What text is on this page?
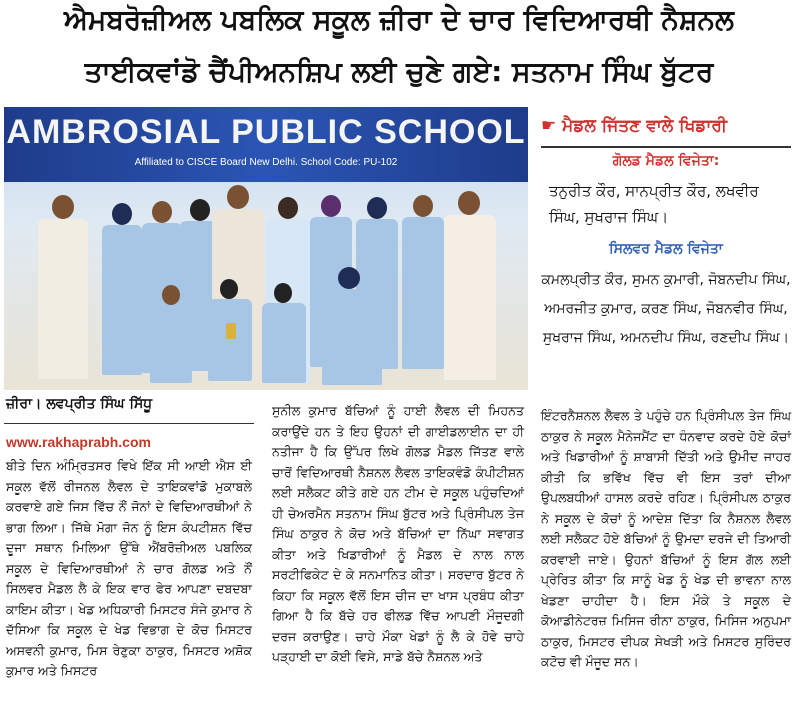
ਐਮਬਰੋਜ਼ੀਅਲ ਪਬਲਿਕ ਸਕੂਲ ਜ਼ੀਰਾ ਦੇ ਚਾਰ ਵਿਦਿਆਰਥੀ ਨੈਸ਼ਨਲ
ਤਾਈਕਵਾਂਡੋ ਚੈਂਪੀਅਨਸ਼ਿਪ ਲਈ ਚੁਣੇ ਗਏ: ਸਤਨਾਮ ਸਿੰਘ ਬੁੱਟਰ
AMBROSIAL PUBLIC SCHOOL
Affiliated to CISCE Board New Delhi. School Code: PU-102
☛ ਮੈਡਲ ਜਿੱਤਣ ਵਾਲੇ ਖਿਡਾਰੀ
ਗੋਲਡ ਮੈਡਲ ਵਿਜੇਤਾ:
ਤਨੁਰੀਤ ਕੌਰ, ਸਾਨਪ੍ਰੀਤ ਕੌਰ, ਲਖਵੀਰ ਸਿੰਘ, ਸੁਖਰਾਜ ਸਿੰਘ।
ਸਿਲਵਰ ਮੈਡਲ ਵਿਜੇਤਾ
ਕਮਲਪ੍ਰੀਤ ਕੌਰ, ਸੁਮਨ ਕੁਮਾਰੀ, ਜੋਬਨਦੀਪ ਸਿੰਘ, ਅਮਰਜੀਤ ਕੁਮਾਰ, ਕਰਣ ਸਿੰਘ, ਜੋਬਨਵੀਰ ਸਿੰਘ, ਸੁਖਰਾਜ ਸਿੰਘ, ਅਮਨਦੀਪ ਸਿੰਘ, ਰਣਦੀਪ ਸਿੰਘ।
ਜ਼ੀਰਾ। ਲਵਪ੍ਰੀਤ ਸਿੰਘ ਸਿੱਧੂ
www.rakhaprabh.com
ਬੀਤੇ ਦਿਨ ਅੰਮ੍ਰਿਤਸਰ ਵਿਖੇ ਇੱਕ ਸੀ ਆਈ ਐਸ ਈ ਸਕੂਲ ਵੱਲੋਂ ਰੀਜਨਲ ਲੈਵਲ ਦੇ ਤਾਇਕਵਾਂਡੋ ਮੁਕਾਬਲੇ ਕਰਵਾਏ ਗਏ ਜਿਸ ਵਿੱਚ ਨੌਂ ਜੋਨਾਂ ਦੇ ਵਿਦਿਆਰਥੀਆਂ ਨੇ ਭਾਗ ਲਿਆ। ਜਿੱਥੇ ਮੋਗਾ ਜੋਨ ਨੂੰ ਇਸ ਕੰਪਟੀਸ਼ਨ ਵਿੱਚ ਦੂਜਾ ਸਥਾਨ ਮਿਲਿਆ ਉੱਥੇ ਐਂਬਰੋਜ਼ੀਅਲ ਪਬਲਿਕ ਸਕੂਲ ਦੇ ਵਿਦਿਆਰਥੀਆਂ ਨੇ ਚਾਰ ਗੋਲਡ ਅਤੇ ਨੌਂ ਸਿਲਵਰ ਮੈਡਲ ਲੈ ਕੇ ਇਕ ਵਾਰ ਫੇਰ ਆਪਣਾ ਦਬਦਬਾ ਕਾਇਮ ਕੀਤਾ। ਖੇਡ ਅਧਿਕਾਰੀ ਮਿਸਟਰ ਸੰਜੇ ਕੁਮਾਰ ਨੇ ਦੱਸਿਆ ਕਿ ਸਕੂਲ ਦੇ ਖੇਡ ਵਿਭਾਗ ਦੇ ਕੋਚ ਮਿਸਟਰ ਅਸਵਨੀ ਕੁਮਾਰ, ਮਿਸ ਰੇਣੁਕਾ ਠਾਕੁਰ, ਮਿਸਟਰ ਅਸ਼ੋਕ ਕੁਮਾਰ ਅਤੇ ਮਿਸਟਰ
ਸੁਨੀਲ ਕੁਮਾਰ ਬੱਚਿਆਂ ਨੂੰ ਹਾਈ ਲੈਵਲ ਦੀ ਮਿਹਨਤ ਕਰਾਉਂਦੇ ਹਨ ਤੇ ਇਹ ਉਹਨਾਂ ਦੀ ਗਾਈਡਲਾਈਨ ਦਾ ਹੀ ਨਤੀਜਾ ਹੈ ਕਿ ਉੱਪਰ ਲਿਖੇ ਗੋਲਡ ਮੈਡਲ ਜਿੱਤਣ ਵਾਲੇ ਚਾਰੋਂ ਵਿਦਿਆਰਥੀ ਨੈਸ਼ਨਲ ਲੈਵਲ ਤਾਇਕਵੰਡੋ ਕੰਪੀਟੀਸ਼ਨ ਲਈ ਸਲੈਕਟ ਕੀਤੇ ਗਏ ਹਨ ਟੀਮ ਦੇ ਸਕੂਲ ਪਹੁੰਚਦਿਆਂ ਹੀ ਚੇਅਰਮੈਨ ਸਤਨਾਮ ਸਿੰਘ ਬੁੱਟਰ ਅਤੇ ਪ੍ਰਿੰਸੀਪਲ ਤੇਜ ਸਿੰਘ ਠਾਕੁਰ ਨੇ ਕੋਚ ਅਤੇ ਬੱਚਿਆਂ ਦਾ ਨਿੱਘਾ ਸਵਾਗਤ ਕੀਤਾ ਅਤੇ ਖਿਡਾਰੀਆਂ ਨੂੰ ਮੈਡਲ ਦੇ ਨਾਲ ਨਾਲ ਸਰਟੀਫਿਕੇਟ ਦੇ ਕੇ ਸਨਮਾਨਿਤ ਕੀਤਾ। ਸਰਦਾਰ ਬੁੱਟਰ ਨੇ ਕਿਹਾ ਕਿ ਸਕੂਲ ਵੱਲੋਂ ਇਸ ਚੀਜ ਦਾ ਖਾਸ ਪ੍ਰਬੰਧ ਕੀਤਾ ਗਿਆ ਹੈ ਕਿ ਬੱਚੇ ਹਰ ਫੀਲਡ ਵਿੱਚ ਆਪਣੀ ਮੌਜੂਦਗੀ ਦਰਜ ਕਰਾਉਣ। ਚਾਹੇ ਮੌਕਾ ਖੇਡਾਂ ਨੂੰ ਲੈ ਕੇ ਹੋਵੇ ਚਾਹੇ ਪੜ੍ਹਾਈ ਦਾ ਕੋਈ ਵਿਸੇ, ਸਾਡੇ ਬੱਚੇ ਨੈਸ਼ਨਲ ਅਤੇ
ਇੰਟਰਨੈਸ਼ਨਲ ਲੈਵਲ ਤੇ ਪਹੁੰਚੇ ਹਨ ਪ੍ਰਿੰਸੀਪਲ ਤੇਜ ਸਿੰਘ ਠਾਕੁਰ ਨੇ ਸਕੂਲ ਮੈਨੇਜਮੈਂਟ ਦਾ ਧੰਨਵਾਦ ਕਰਦੇ ਹੋਏ ਕੋਚਾਂ ਅਤੇ ਖਿਡਾਰੀਆਂ ਨੂੰ ਸ਼ਾਬਾਸੀ ਦਿੱਤੀ ਅਤੇ ਉਮੀਦ ਜਾਹਰ ਕੀਤੀ ਕਿ ਭਵਿੱਖ ਵਿੱਚ ਵੀ ਇਸ ਤਰਾਂ ਦੀਆ ਉਪਲਬਧੀਆਂ ਹਾਸਲ ਕਰਦੇ ਰਹਿਣ। ਪ੍ਰਿੰਸੀਪਲ ਠਾਕੁਰ ਨੇ ਸਕੂਲ ਦੇ ਕੋਚਾਂ ਨੂੰ ਆਦੇਸ਼ ਦਿੱਤਾ ਕਿ ਨੈਸ਼ਨਲ ਲੈਵਲ ਲਈ ਸਲੈਕਟ ਹੋਏ ਬੱਚਿਆਂ ਨੂੰ ਉਮਦਾ ਦਰਜੇ ਦੀ ਤਿਆਰੀ ਕਰਵਾਈ ਜਾਏ। ਉਹਨਾਂ ਬੱਚਿਆਂ ਨੂੰ ਇਸ ਗੱਲ ਲਈ ਪ੍ਰੇਰਿਤ ਕੀਤਾ ਕਿ ਸਾਨੂੰ ਖੇਡ ਨੂੰ ਖੇਡ ਦੀ ਭਾਵਨਾ ਨਾਲ ਖੇਡਣਾ ਚਾਹੀਦਾ ਹੈ। ਇਸ ਮੌਕੇ ਤੇ ਸਕੂਲ ਦੇ ਕੋਆਡੀਨੇਟਰਜ਼ ਮਿਸਿਜ ਰੀਨਾ ਠਾਕੁਰ, ਮਿਸਿਜ ਅਨੁਪਮਾ ਠਾਕੁਰ, ਮਿਸਟਰ ਦੀਪਕ ਸੇਖੜੀ ਅਤੇ ਮਿਸਟਰ ਸੁਰਿੰਦਰ ਕਟੋਚ ਵੀ ਮੌਜੂਦ ਸਨ।
